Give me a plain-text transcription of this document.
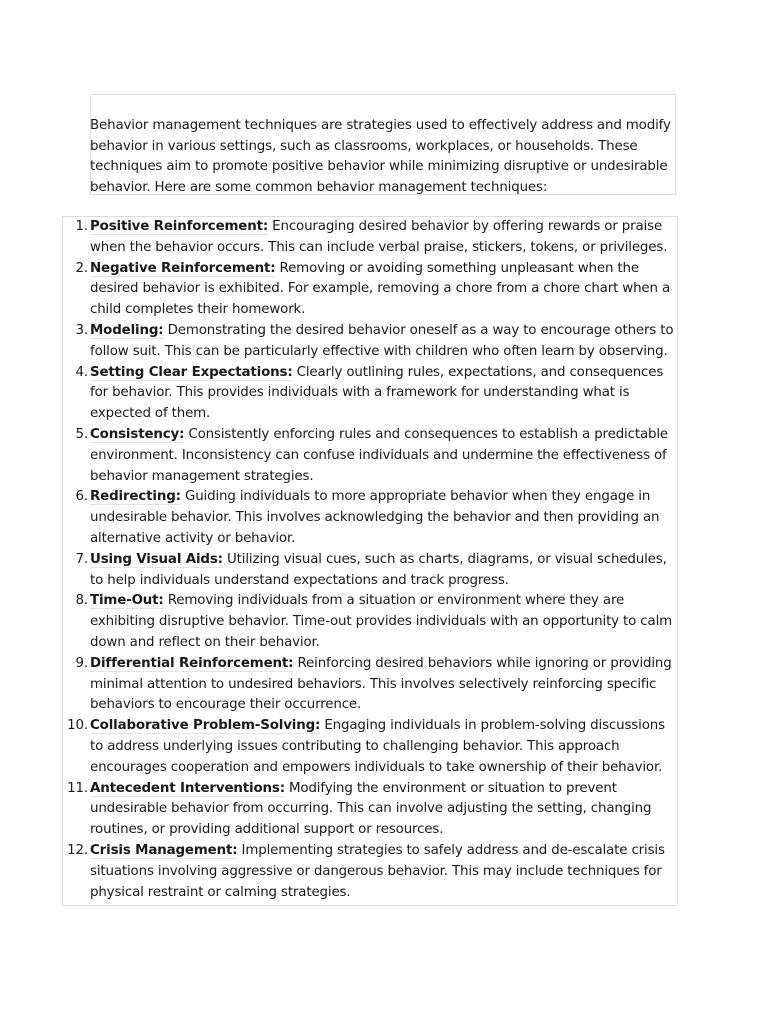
Behavior management techniques are strategies used to effectively address and modify behavior in various settings, such as classrooms, workplaces, or households. These techniques aim to promote positive behavior while minimizing disruptive or undesirable behavior. Here are some common behavior management techniques:

1. Positive Reinforcement: Encouraging desired behavior by offering rewards or praise when the behavior occurs. This can include verbal praise, stickers, tokens, or privileges.
2. Negative Reinforcement: Removing or avoiding something unpleasant when the desired behavior is exhibited. For example, removing a chore from a chore chart when a child completes their homework.
3. Modeling: Demonstrating the desired behavior oneself as a way to encourage others to follow suit. This can be particularly effective with children who often learn by observing.
4. Setting Clear Expectations: Clearly outlining rules, expectations, and consequences for behavior. This provides individuals with a framework for understanding what is expected of them.
5. Consistency: Consistently enforcing rules and consequences to establish a predictable environment. Inconsistency can confuse individuals and undermine the effectiveness of behavior management strategies.
6. Redirecting: Guiding individuals to more appropriate behavior when they engage in undesirable behavior. This involves acknowledging the behavior and then providing an alternative activity or behavior.
7. Using Visual Aids: Utilizing visual cues, such as charts, diagrams, or visual schedules, to help individuals understand expectations and track progress.
8. Time-Out: Removing individuals from a situation or environment where they are exhibiting disruptive behavior. Time-out provides individuals with an opportunity to calm down and reflect on their behavior.
9. Differential Reinforcement: Reinforcing desired behaviors while ignoring or providing minimal attention to undesired behaviors. This involves selectively reinforcing specific behaviors to encourage their occurrence.
10. Collaborative Problem-Solving: Engaging individuals in problem-solving discussions to address underlying issues contributing to challenging behavior. This approach encourages cooperation and empowers individuals to take ownership of their behavior.
11. Antecedent Interventions: Modifying the environment or situation to prevent undesirable behavior from occurring. This can involve adjusting the setting, changing routines, or providing additional support or resources.
12. Crisis Management: Implementing strategies to safely address and de-escalate crisis situations involving aggressive or dangerous behavior. This may include techniques for physical restraint or calming strategies.
